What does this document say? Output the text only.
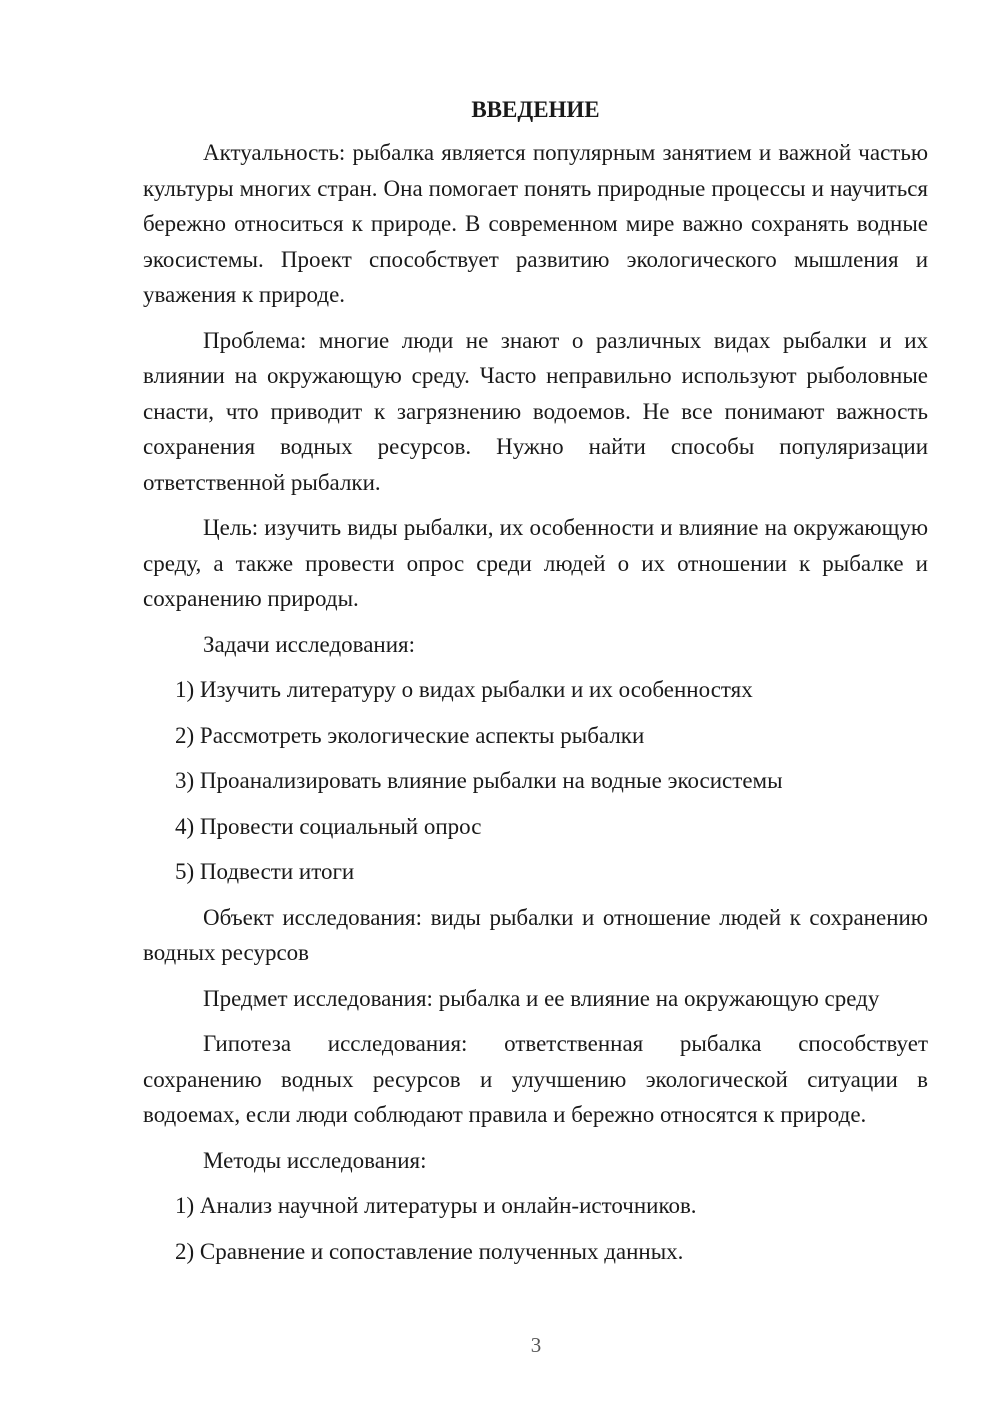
ВВЕДЕНИЕ
Актуальность: рыбалка является популярным занятием и важной частью культуры многих стран. Она помогает понять природные процессы и научиться бережно относиться к природе. В современном мире важно сохранять водные экосистемы. Проект способствует развитию экологического мышления и уважения к природе.
Проблема: многие люди не знают о различных видах рыбалки и их влиянии на окружающую среду. Часто неправильно используют рыболовные снасти, что приводит к загрязнению водоемов. Не все понимают важность сохранения водных ресурсов. Нужно найти способы популяризации ответственной рыбалки.
Цель: изучить виды рыбалки, их особенности и влияние на окружающую среду, а также провести опрос среди людей о их отношении к рыбалке и сохранению природы.
Задачи исследования:
1) Изучить литературу о видах рыбалки и их особенностях
2) Рассмотреть экологические аспекты рыбалки
3) Проанализировать влияние рыбалки на водные экосистемы
4) Провести социальный опрос
5) Подвести итоги
Объект исследования: виды рыбалки и отношение людей к сохранению водных ресурсов
Предмет исследования: рыбалка и ее влияние на окружающую среду
Гипотеза исследования: ответственная рыбалка способствует сохранению водных ресурсов и улучшению экологической ситуации в водоемах, если люди соблюдают правила и бережно относятся к природе.
Методы исследования:
1) Анализ научной литературы и онлайн-источников.
2) Сравнение и сопоставление полученных данных.
3
